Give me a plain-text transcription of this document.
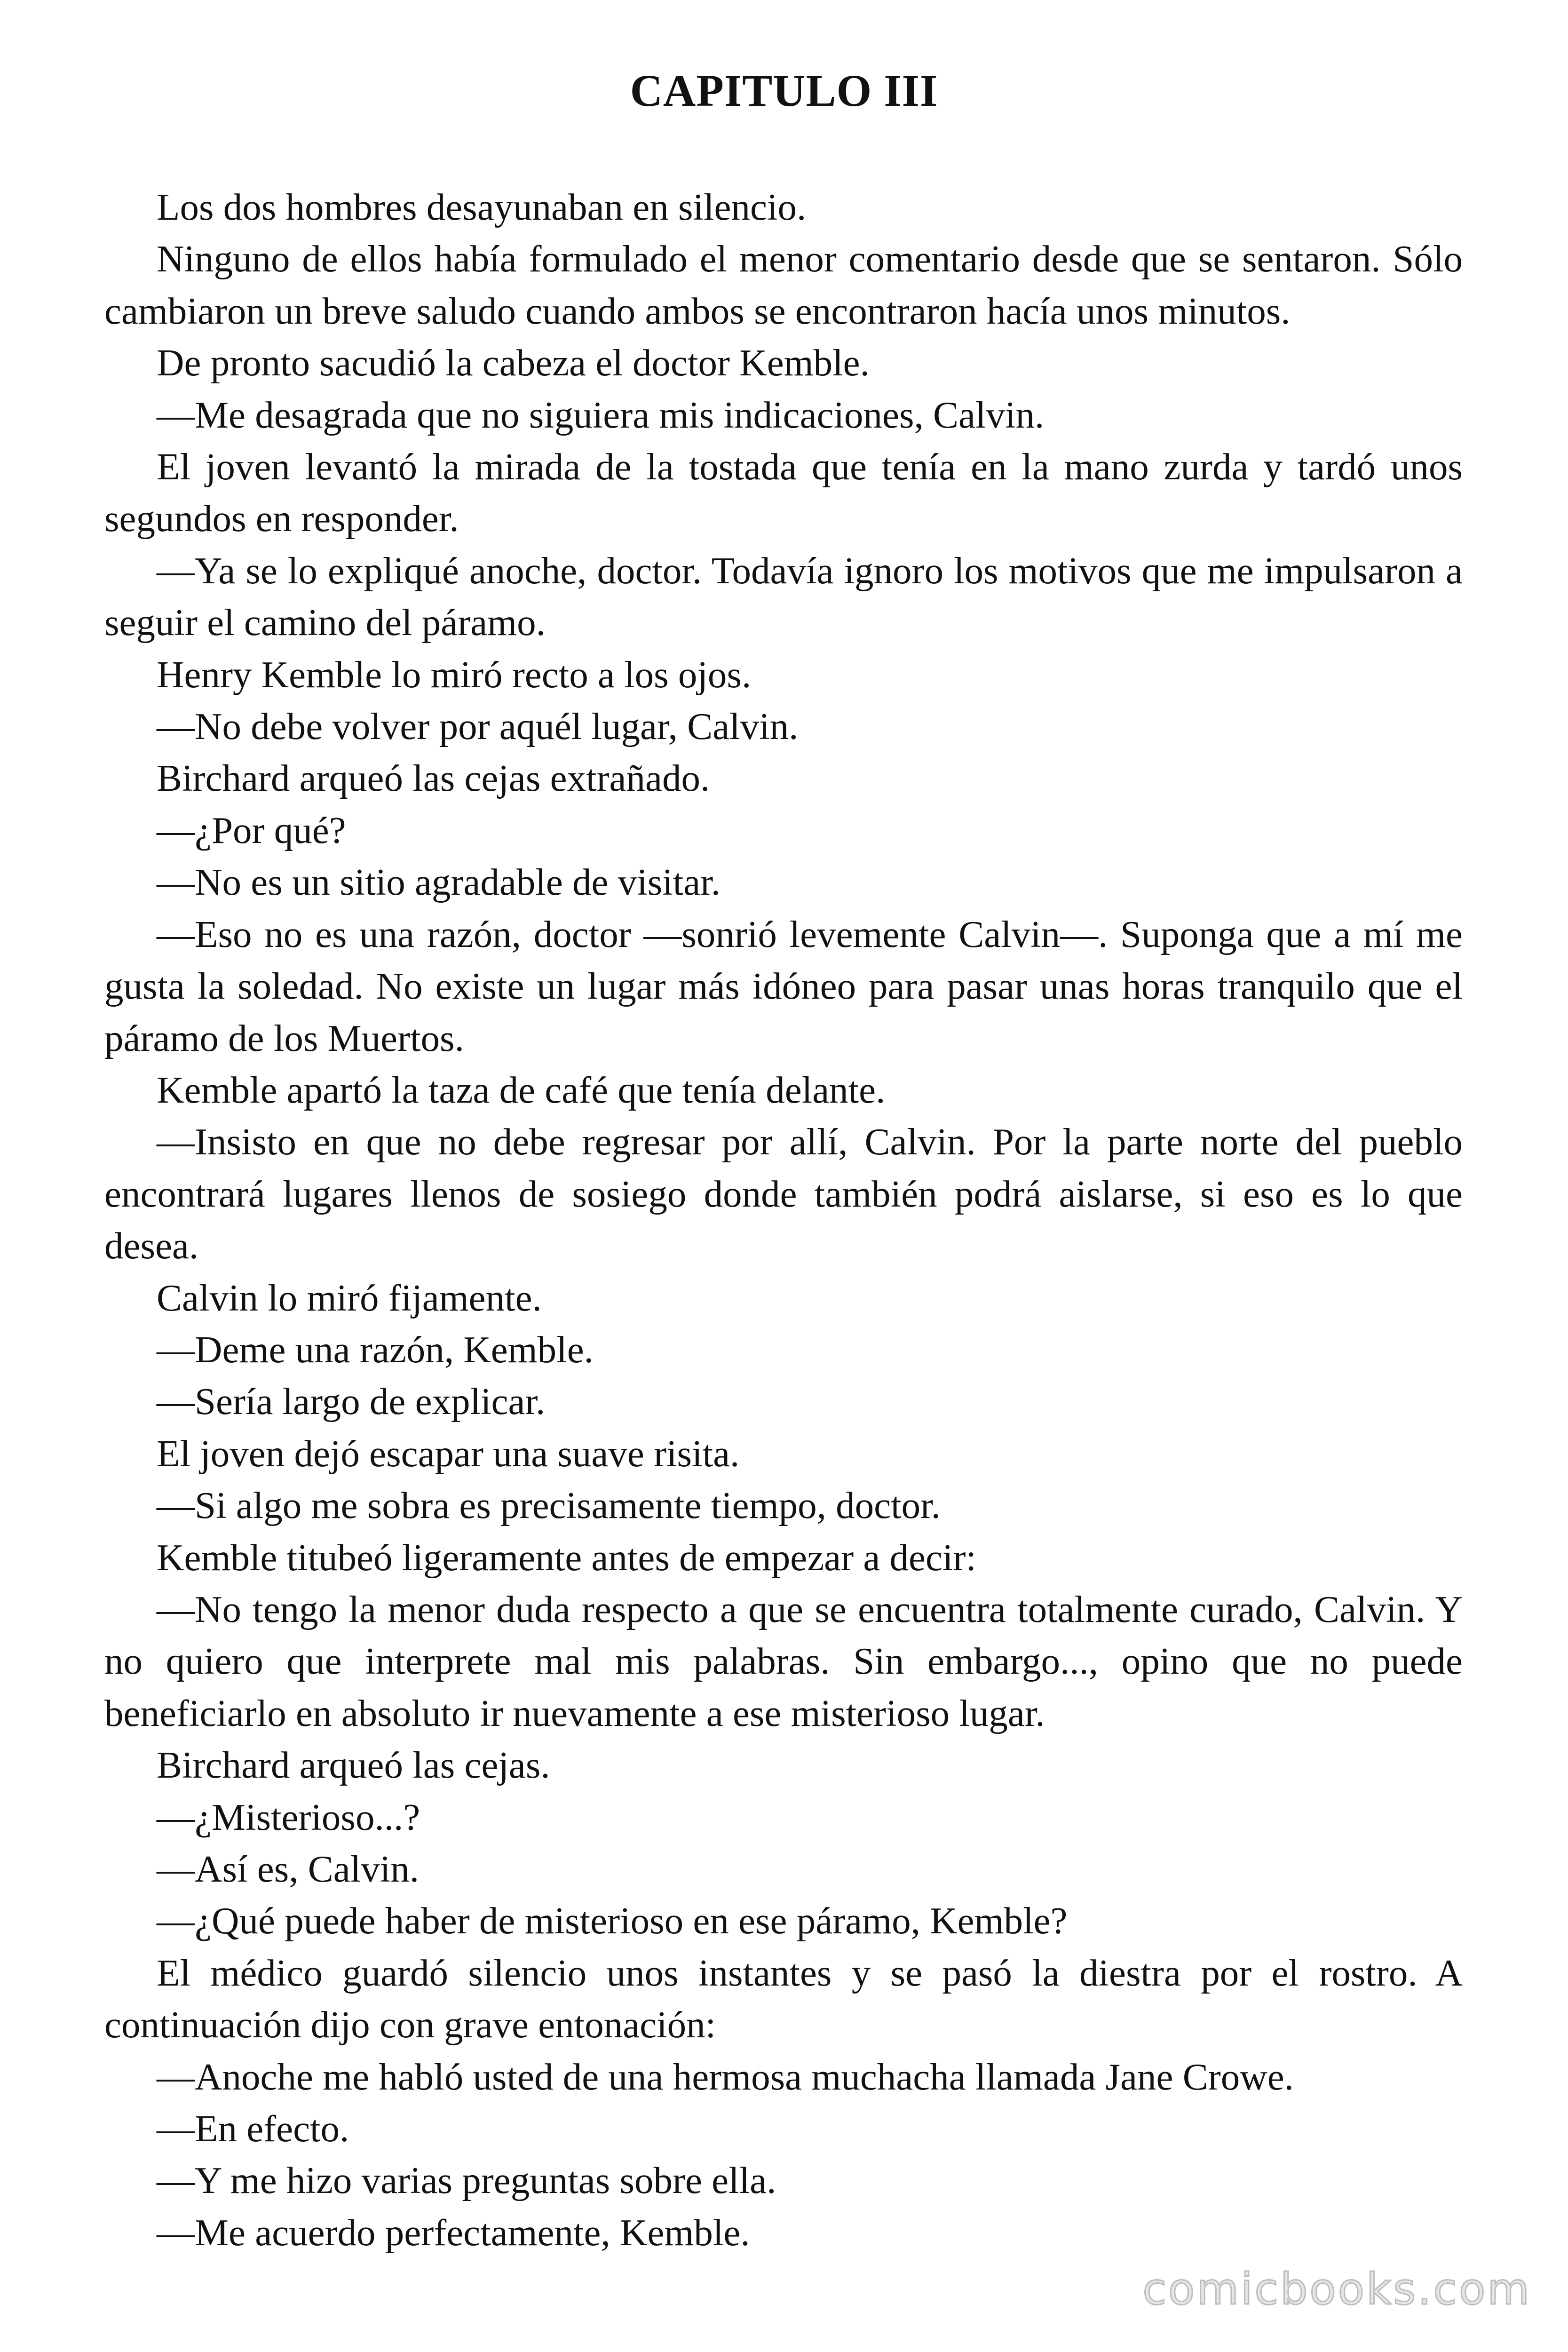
CAPITULO III

Los dos hombres desayunaban en silencio.

Ninguno de ellos había formulado el menor comentario desde que se sentaron. Sólo cambiaron un breve saludo cuando ambos se encontraron hacía unos minutos.

De pronto sacudió la cabeza el doctor Kemble.

—Me desagrada que no siguiera mis indicaciones, Calvin.

El joven levantó la mirada de la tostada que tenía en la mano zurda y tardó unos segundos en responder.

—Ya se lo expliqué anoche, doctor. Todavía ignoro los motivos que me impulsaron a seguir el camino del páramo.

Henry Kemble lo miró recto a los ojos.

—No debe volver por aquél lugar, Calvin.

Birchard arqueó las cejas extrañado.

—¿Por qué?

—No es un sitio agradable de visitar.

—Eso no es una razón, doctor —sonrió levemente Calvin—. Suponga que a mí me gusta la soledad. No existe un lugar más idóneo para pasar unas horas tranquilo que el páramo de los Muertos.

Kemble apartó la taza de café que tenía delante.

—Insisto en que no debe regresar por allí, Calvin. Por la parte norte del pueblo encontrará lugares llenos de sosiego donde también podrá aislarse, si eso es lo que desea.

Calvin lo miró fijamente.

—Deme una razón, Kemble.

—Sería largo de explicar.

El joven dejó escapar una suave risita.

—Si algo me sobra es precisamente tiempo, doctor.

Kemble titubeó ligeramente antes de empezar a decir:

—No tengo la menor duda respecto a que se encuentra totalmente curado, Calvin. Y no quiero que interprete mal mis palabras. Sin embargo..., opino que no puede beneficiarlo en absoluto ir nuevamente a ese misterioso lugar.

Birchard arqueó las cejas.

—¿Misterioso...?

—Así es, Calvin.

—¿Qué puede haber de misterioso en ese páramo, Kemble?

El médico guardó silencio unos instantes y se pasó la diestra por el rostro. A continuación dijo con grave entonación:

—Anoche me habló usted de una hermosa muchacha llamada Jane Crowe.

—En efecto.

—Y me hizo varias preguntas sobre ella.

—Me acuerdo perfectamente, Kemble.

comicbooks.com
